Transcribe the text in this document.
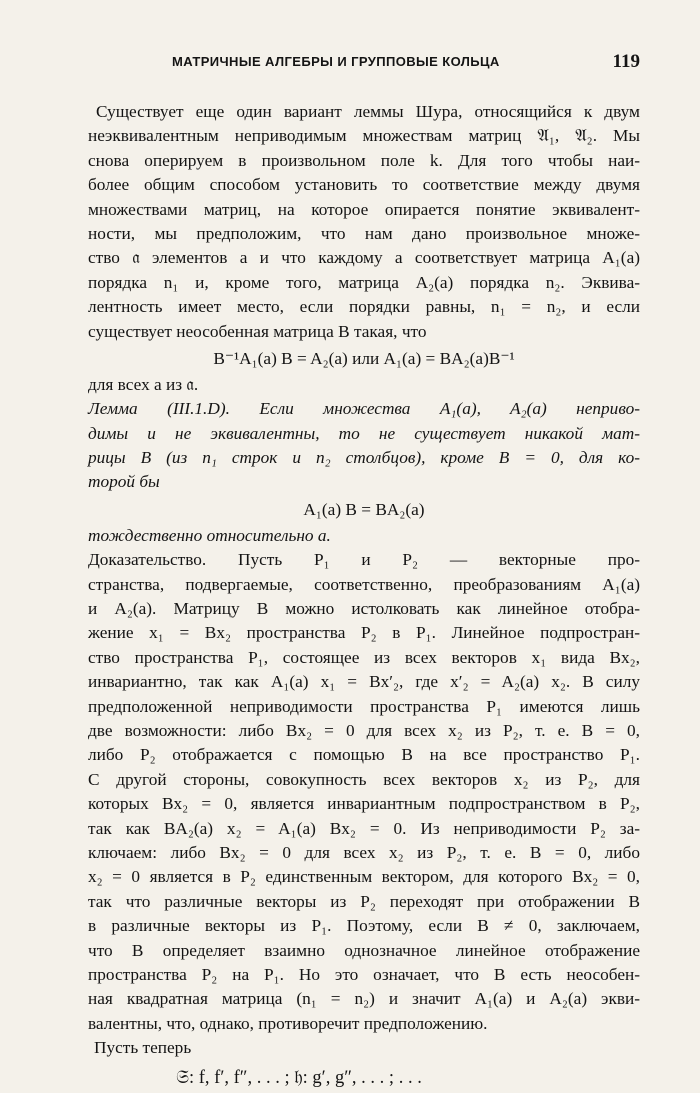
МАТРИЧНЫЕ АЛГЕБРЫ И ГРУППОВЫЕ КОЛЬЦА	119
Существует еще один вариант леммы Шура, относящийся к двум
неэквивалентным неприводимым множествам матриц 𝔄₁, 𝔄₂. Мы
снова оперируем в произвольном поле k. Для того чтобы наи-
более общим способом установить то соответствие между двумя
множествами матриц, на которое опирается понятие эквивалент-
ности, мы предположим, что нам дано произвольное множе-
ство 𝔞 элементов a и что каждому a соответствует матрица A₁(a)
порядка n₁ и, кроме того, матрица A₂(a) порядка n₂. Эквива-
лентность имеет место, если порядки равны, n₁ = n₂, и если
существует неособенная матрица B такая, что
B⁻¹A₁(a) B = A₂(a) или A₁(a) = BA₂(a)B⁻¹
для всех a из 𝔞.
Лемма (III.1.D). Если множества A₁(a), A₂(a) неприво-
димы и не эквивалентны, то не существует никакой мат-
рицы B (из n₁ строк и n₂ столбцов), кроме B = 0, для ко-
торой бы
A₁(a) B = BA₂(a)
тождественно относительно a.
Доказательство. Пусть P₁ и P₂ — векторные про-
странства, подвергаемые, соответственно, преобразованиям A₁(a)
и A₂(a). Матрицу B можно истолковать как линейное отобра-
жение x₁ = Bx₂ пространства P₂ в P₁. Линейное подпростран-
ство пространства P₁, состоящее из всех векторов x₁ вида Bx₂,
инвариантно, так как A₁(a) x₁ = Bx′₂, где x′₂ = A₂(a) x₂. В силу
предположенной неприводимости пространства P₁ имеются лишь
две возможности: либо Bx₂ = 0 для всех x₂ из P₂, т. е. B = 0,
либо P₂ отображается с помощью B на все пространство P₁.
С другой стороны, совокупность всех векторов x₂ из P₂, для
которых Bx₂ = 0, является инвариантным подпространством в P₂,
так как BA₂(a) x₂ = A₁(a) Bx₂ = 0. Из неприводимости P₂ за-
ключаем: либо Bx₂ = 0 для всех x₂ из P₂, т. е. B = 0, либо
x₂ = 0 является в P₂ единственным вектором, для которого Bx₂ = 0,
так что различные векторы из P₂ переходят при отображении B
в различные векторы из P₁. Поэтому, если B ≠ 0, заключаем,
что B определяет взаимно однозначное линейное отображение
пространства P₂ на P₁. Но это означает, что B есть неособен-
ная квадратная матрица (n₁ = n₂) и значит A₁(a) и A₂(a) экви-
валентны, что, однако, противоречит предположению.
Пусть теперь
𝔖: f, f′, f″, . . . ; 𝔥: g′, g″, . . . ; . . .
